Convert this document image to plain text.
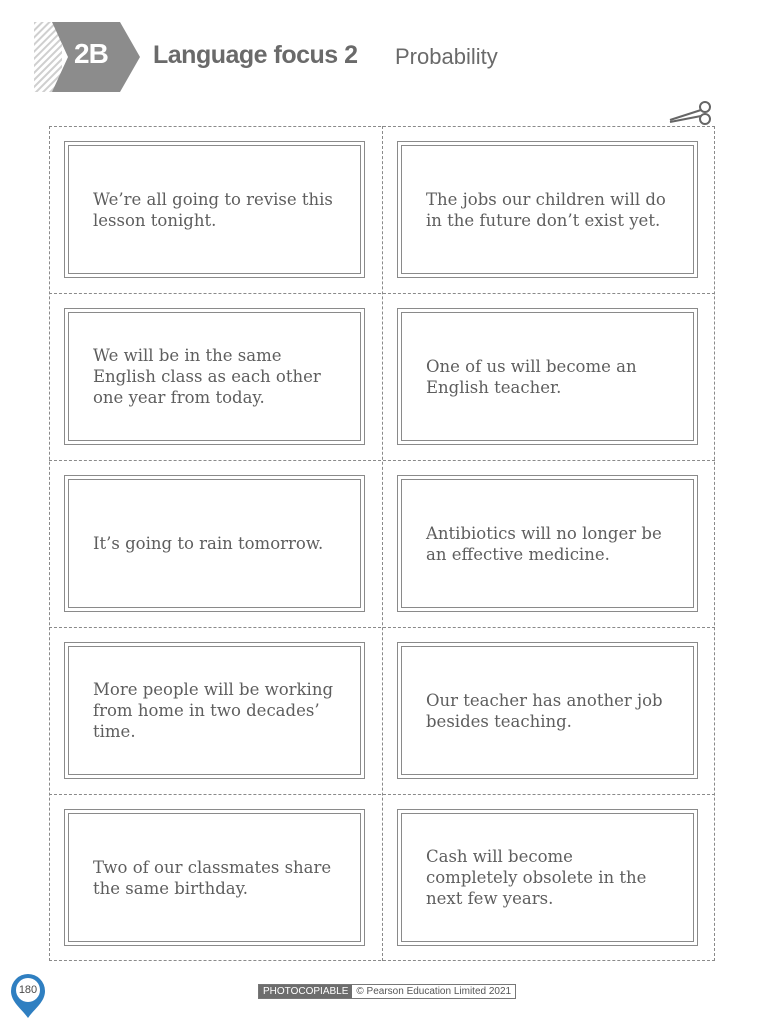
2B Language focus 2 Probability
We’re all going to revise this lesson tonight.
The jobs our children will do in the future don’t exist yet.
We will be in the same English class as each other one year from today.
One of us will become an English teacher.
It’s going to rain tomorrow.
Antibiotics will no longer be an effective medicine.
More people will be working from home in two decades’ time.
Our teacher has another job besides teaching.
Two of our classmates share the same birthday.
Cash will become completely obsolete in the next few years.
180	PHOTOCOPIABLE © Pearson Education Limited 2021
